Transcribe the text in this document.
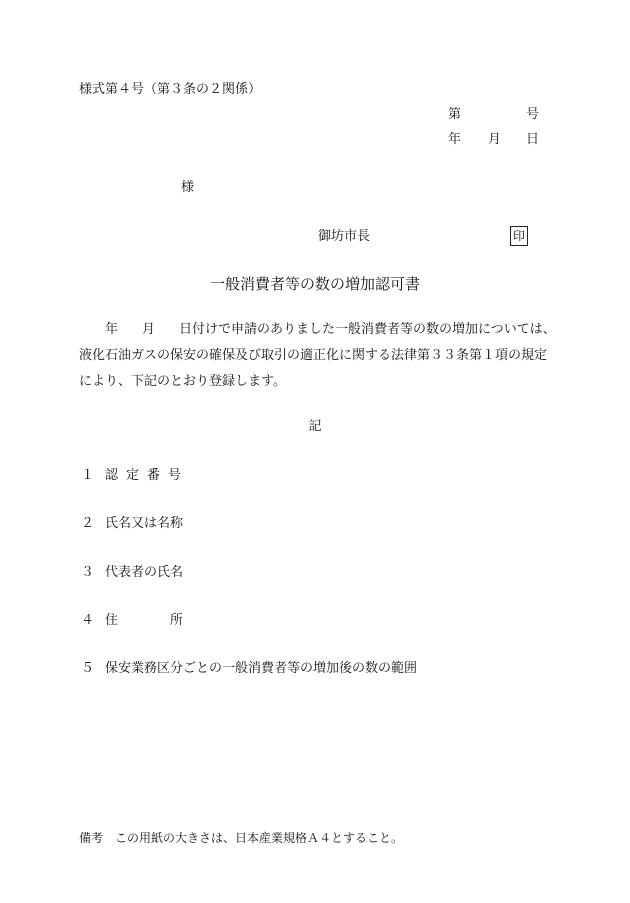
様式第４号（第３条の２関係）
第	号
年 月 日
様
御坊市長	印
一般消費者等の数の増加認可書
年 月 日付けで申請のありました一般消費者等の数の増加については、
液化石油ガスの保安の確保及び取引の適正化に関する法律第３３条第１項の規定
により、下記のとおり登録します。
記
１ 認定番号
２ 氏名又は名称
３ 代表者の氏名
４ 住	所
５ 保安業務区分ごとの一般消費者等の増加後の数の範囲
備考 この用紙の大きさは、日本産業規格Ａ４とすること。
